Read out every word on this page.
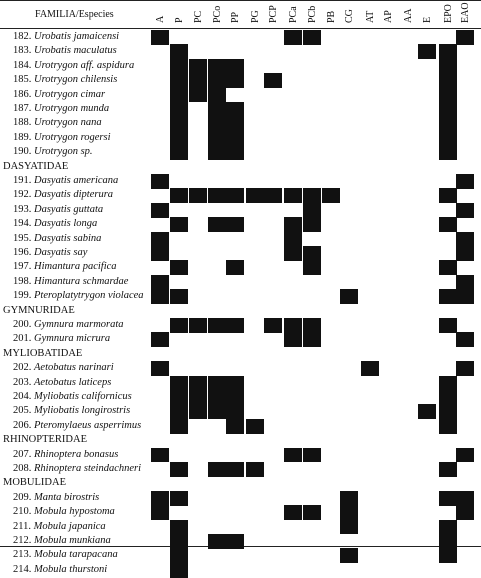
FAMILIA/Especies	A P PC PCo PP PG PCP PCa PCb PB CG AT AP AA E EPO EAO
182. Urobatis jamaicensi
183. Urobatis maculatus
184. Urotrygon aff. aspidura
185. Urotrygon chilensis
186. Urotrygon cimar
187. Urotrygon munda
188. Urotrygon nana
189. Urotrygon rogersi
190. Urotrygon sp.
DASYATIDAE
191. Dasyatis americana
192. Dasyatis dipterura
193. Dasyatis guttata
194. Dasyatis longa
195. Dasyatis sabina
196. Dasyatis say
197. Himantura pacifica
198. Himantura schmardae
199. Pteroplatytrygon violacea
GYMNURIDAE
200. Gymnura marmorata
201. Gymnura micrura
MYLIOBATIDAE
202. Aetobatus narinari
203. Aetobatus laticeps
204. Myliobatis californicus
205. Myliobatis longirostris
206. Pteromylaeus asperrimus
RHINOPTERIDAE
207. Rhinoptera bonasus
208. Rhinoptera steindachneri
MOBULIDAE
209. Manta birostris
210. Mobula hypostoma
211. Mobula japanica
212. Mobula munkiana
213. Mobula tarapacana
214. Mobula thurstoni
